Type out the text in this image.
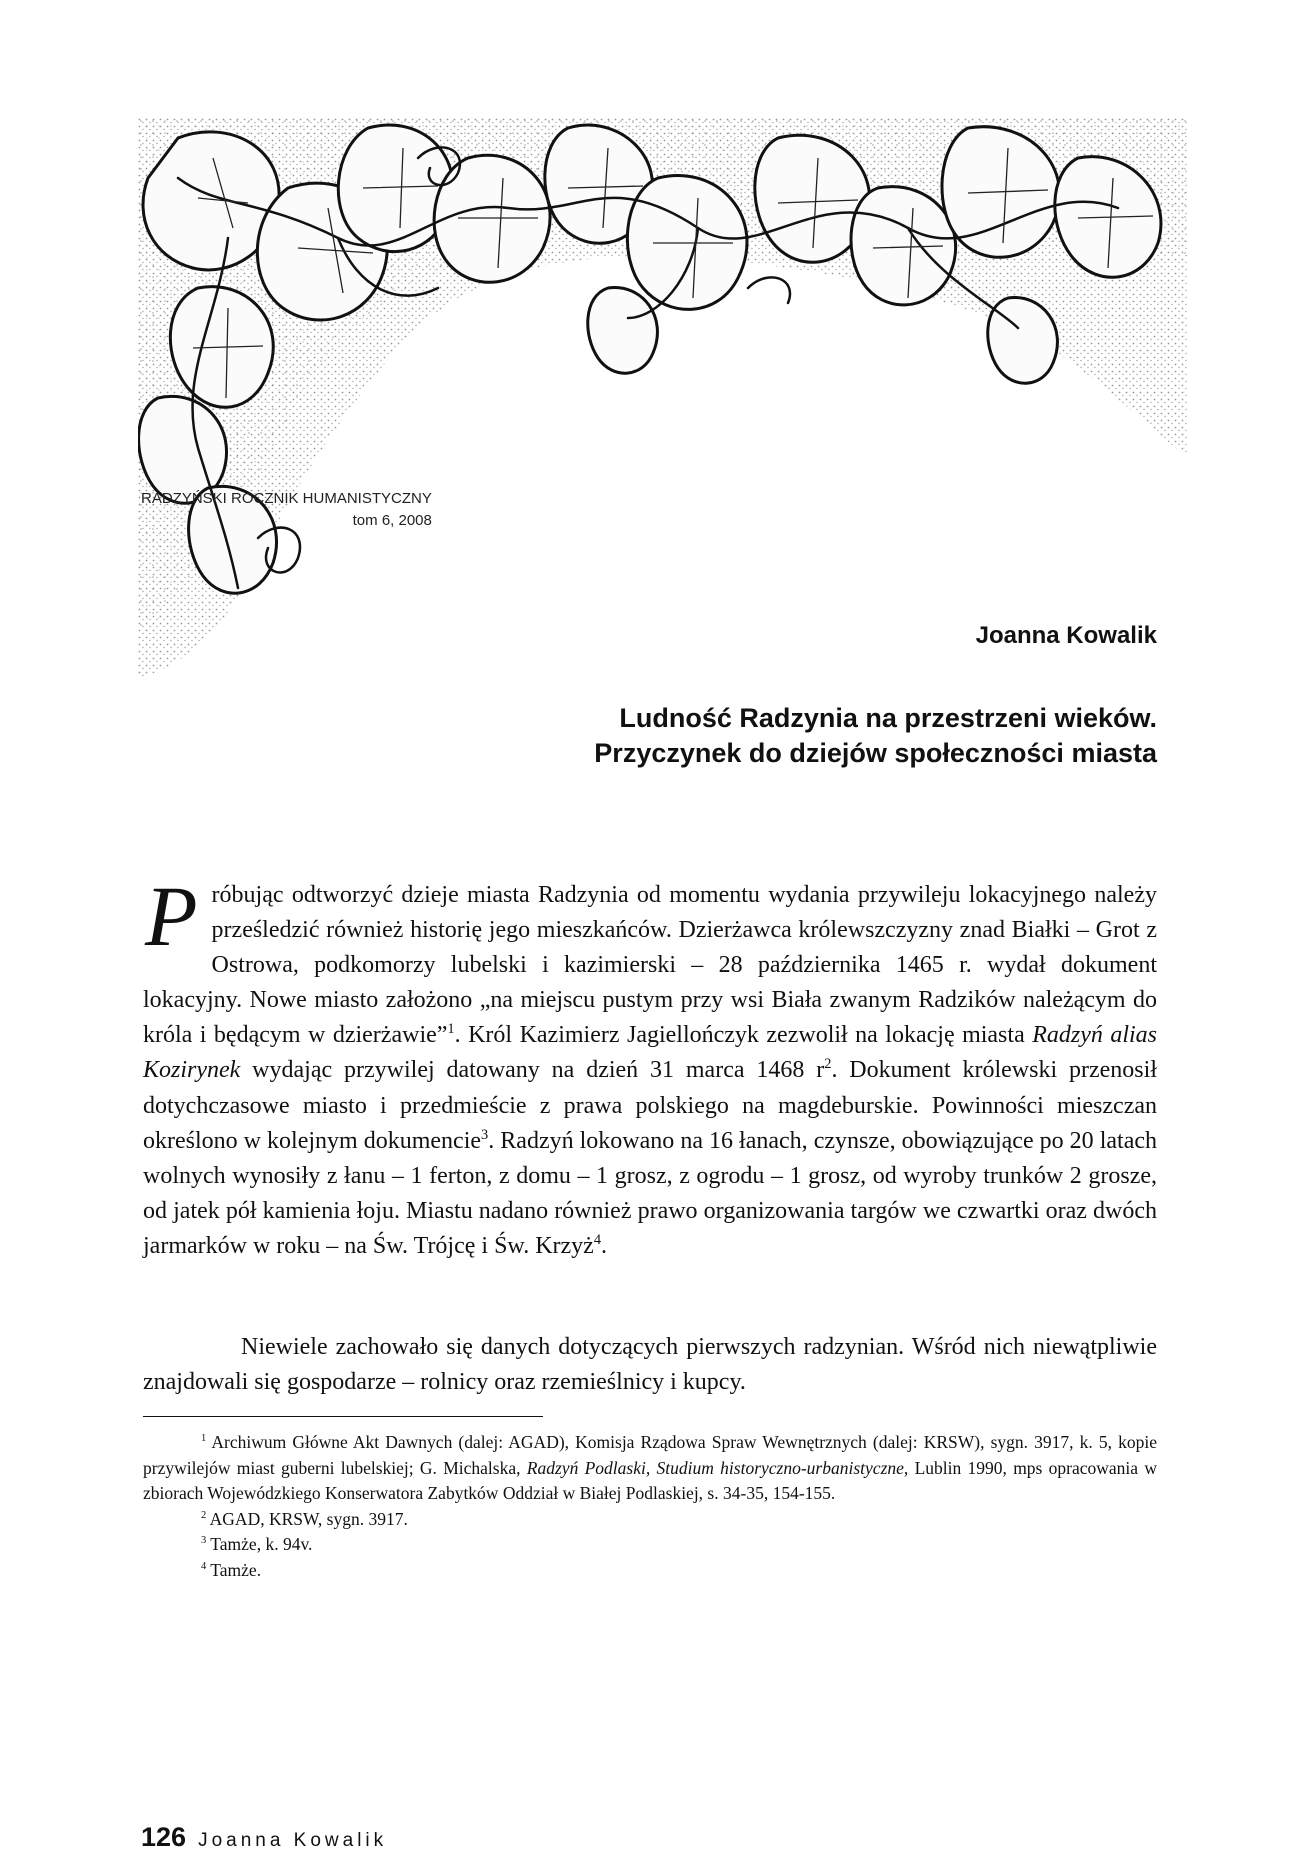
RADZYŃSKI ROCZNIK HUMANISTYCZNY
tom 6, 2008
Joanna Kowalik
Ludność Radzynia na przestrzeni wieków.
Przyczynek do dziejów społeczności miasta

Próbując odtworzyć dzieje miasta Radzynia od momentu wydania przywileju lokacyjnego należy prześledzić również historię jego mieszkańców. Dzierżawca królewszczyzny znad Białki – Grot z Ostrowa, podkomorzy lubelski i kazimierski – 28 października 1465 r. wydał dokument lokacyjny. Nowe miasto założono „na miejscu pustym przy wsi Biała zwanym Radzików należącym do króla i będącym w dzierżawie”$^1$. Król Kazimierz Jagiellończyk zezwolił na lokację miasta Radzyń alias Kozirynek wydając przywilej datowany na dzień 31 marca 1468 $r^2$. Dokument królewski przenosił dotychczasowe miasto i przedmieście z prawa polskiego na magdeburskie. Powinności mieszczan określono w kolejnym dokumencie$^3$. Radzyń lokowano na 16 łanach, czynsze, obowiązujące po 20 latach wolnych wynosiły z łanu – 1 ferton, z domu – 1 grosz, z ogrodu – 1 grosz, od wyroby trunków 2 grosze, od jatek pół kamienia łoju. Miastu nadano również prawo organizowania targów we czwartki oraz dwóch jarmarków w roku – na Św. Trójcę i Św. Krzyż$^4$.

Niewiele zachowało się danych dotyczących pierwszych radzynian. Wśród nich niewątpliwie znajdowali się gospodarze – rolnicy oraz rzemieślnicy i kupcy.

$^1$ Archiwum Główne Akt Dawnych (dalej: AGAD), Komisja Rządowa Spraw Wewnętrznych (dalej: KRSW), sygn. 3917, k. 5, kopie przywilejów miast guberni lubelskiej; G. Michalska, Radzyń Podlaski, Studium historyczno-urbanistyczne, Lublin 1990, mps opracowania w zbiorach Wojewódzkiego Konserwatora Zabytków Oddział w Białej Podlaskiej, s. 34-35, 154-155.

$^2$ AGAD, KRSW, sygn. 3917.

$^3$ Tamże, k. 94v.

$^4$ Tamże.

126 Joanna Kowalik
